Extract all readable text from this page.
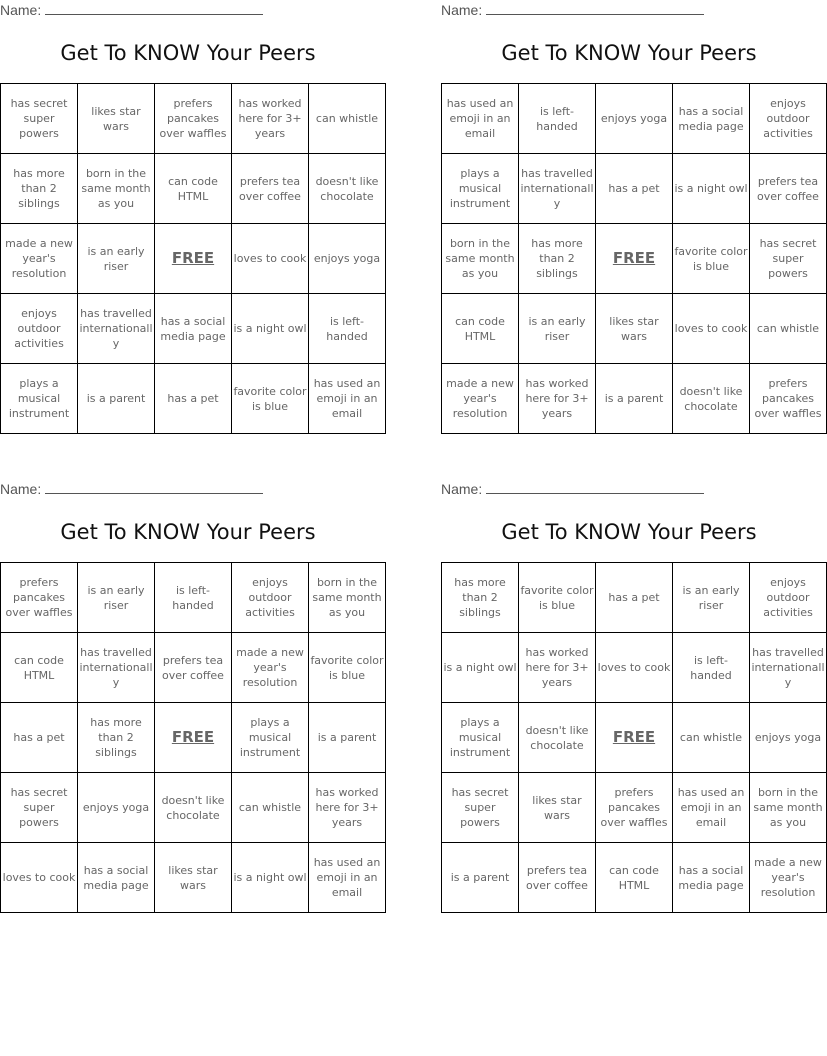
Name:
Get To KNOW Your Peers
has secret super powers	likes star wars	prefers pancakes over waffles	has worked here for 3+ years	can whistle
has more than 2 siblings	born in the same month as you	can code HTML	prefers tea over coffee	doesn't like chocolate
made a new year's resolution	is an early riser	FREE	loves to cook	enjoys yoga
enjoys outdoor activities	has travelled internationally	has a social media page	is a night owl	is left-handed
plays a musical instrument	is a parent	has a pet	favorite color is blue	has used an emoji in an email
Name:
Get To KNOW Your Peers
has used an emoji in an email	is left-handed	enjoys yoga	has a social media page	enjoys outdoor activities
plays a musical instrument	has travelled internationally	has a pet	is a night owl	prefers tea over coffee
born in the same month as you	has more than 2 siblings	FREE	favorite color is blue	has secret super powers
can code HTML	is an early riser	likes star wars	loves to cook	can whistle
made a new year's resolution	has worked here for 3+ years	is a parent	doesn't like chocolate	prefers pancakes over waffles
Name:
Get To KNOW Your Peers
prefers pancakes over waffles	is an early riser	is left-handed	enjoys outdoor activities	born in the same month as you
can code HTML	has travelled internationally	prefers tea over coffee	made a new year's resolution	favorite color is blue
has a pet	has more than 2 siblings	FREE	plays a musical instrument	is a parent
has secret super powers	enjoys yoga	doesn't like chocolate	can whistle	has worked here for 3+ years
loves to cook	has a social media page	likes star wars	is a night owl	has used an emoji in an email
Name:
Get To KNOW Your Peers
has more than 2 siblings	favorite color is blue	has a pet	is an early riser	enjoys outdoor activities
is a night owl	has worked here for 3+ years	loves to cook	is left-handed	has travelled internationally
plays a musical instrument	doesn't like chocolate	FREE	can whistle	enjoys yoga
has secret super powers	likes star wars	prefers pancakes over waffles	has used an emoji in an email	born in the same month as you
is a parent	prefers tea over coffee	can code HTML	has a social media page	made a new year's resolution
